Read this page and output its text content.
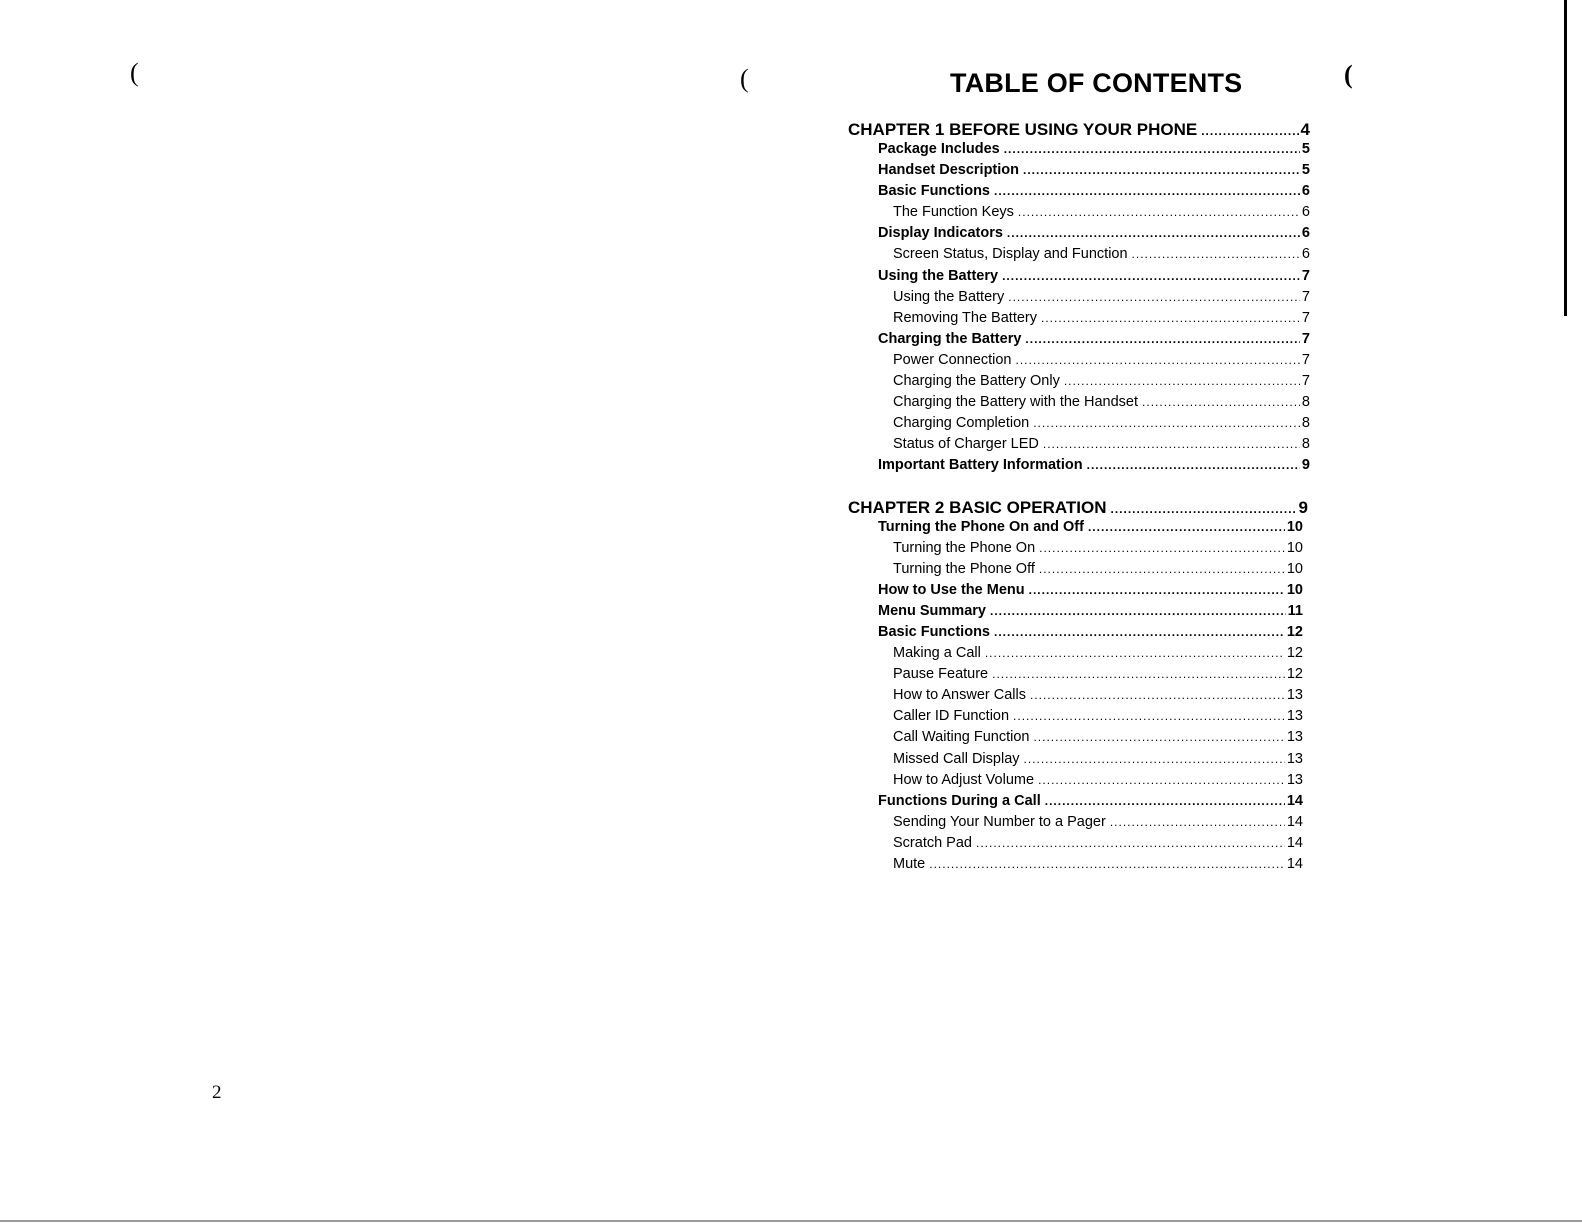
(	(	(
2
TABLE OF CONTENTS
CHAPTER 1 BEFORE USING YOUR PHONE .....	4
Package Includes .....	5
Handset Description .....	5
Basic Functions .....	6
The Function Keys .....	6
Display Indicators .....	6
Screen Status, Display and Function .....	6
Using the Battery .....	7
Using the Battery .....	7
Removing The Battery .....	7
Charging the Battery .....	7
Power Connection .....	7
Charging the Battery Only .....	7
Charging the Battery with the Handset .....	8
Charging Completion .....	8
Status of Charger LED .....	8
Important Battery Information .....	9
CHAPTER 2 BASIC OPERATION .....	9
Turning the Phone On and Off .....	10
Turning the Phone On .....	10
Turning the Phone Off .....	10
How to Use the Menu .....	10
Menu Summary .....	11
Basic Functions .....	12
Making a Call .....	12
Pause Feature .....	12
How to Answer Calls .....	13
Caller ID Function .....	13
Call Waiting Function .....	13
Missed Call Display .....	13
How to Adjust Volume .....	13
Functions During a Call .....	14
Sending Your Number to a Pager .....	14
Scratch Pad .....	14
Mute .....	14
